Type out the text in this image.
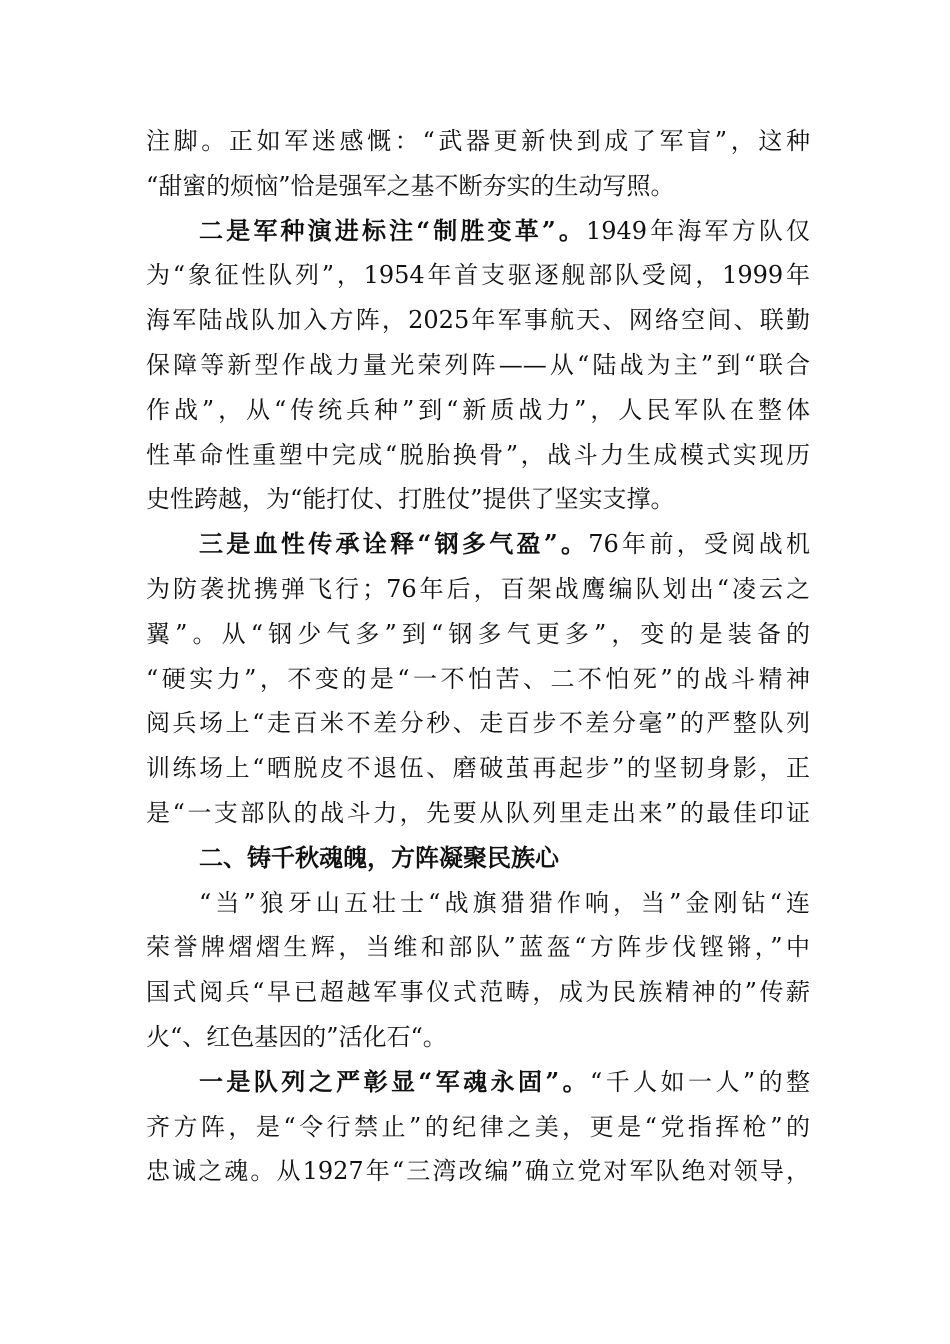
注脚。正如军迷感慨：“武器更新快到成了军盲”，这种
“甜蜜的烦恼”恰是强军之基不断夯实的生动写照。
二是军种演进标注“制胜变革”。1949年海军方队仅
为“象征性队列”，1954年首支驱逐舰部队受阅，1999年
海军陆战队加入方阵，2025年军事航天、网络空间、联勤
保障等新型作战力量光荣列阵——从“陆战为主”到“联合
作战”，从“传统兵种”到“新质战力”，人民军队在整体
性革命性重塑中完成“脱胎换骨”，战斗力生成模式实现历
史性跨越，为“能打仗、打胜仗”提供了坚实支撑。
三是血性传承诠释“钢多气盈”。76年前，受阅战机
为防袭扰携弹飞行；76年后，百架战鹰编队划出“凌云之
翼”。从“钢少气多”到“钢多气更多”，变的是装备的
“硬实力”，不变的是“一不怕苦、二不怕死”的战斗精神
阅兵场上“走百米不差分秒、走百步不差分毫”的严整队列
训练场上“晒脱皮不退伍、磨破茧再起步”的坚韧身影，正
是“一支部队的战斗力，先要从队列里走出来”的最佳印证
二、铸千秋魂魄，方阵凝聚民族心
“当”狼牙山五壮士“战旗猎猎作响，当”金刚钻“连
荣誉牌熠熠生辉，当维和部队”蓝盔“方阵步伐铿锵，”中
国式阅兵“早已超越军事仪式范畴，成为民族精神的”传薪
火“、红色基因的”活化石“。
一是队列之严彰显“军魂永固”。“千人如一人”的整
齐方阵，是“令行禁止”的纪律之美，更是“党指挥枪”的
忠诚之魂。从1927年“三湾改编”确立党对军队绝对领导，
